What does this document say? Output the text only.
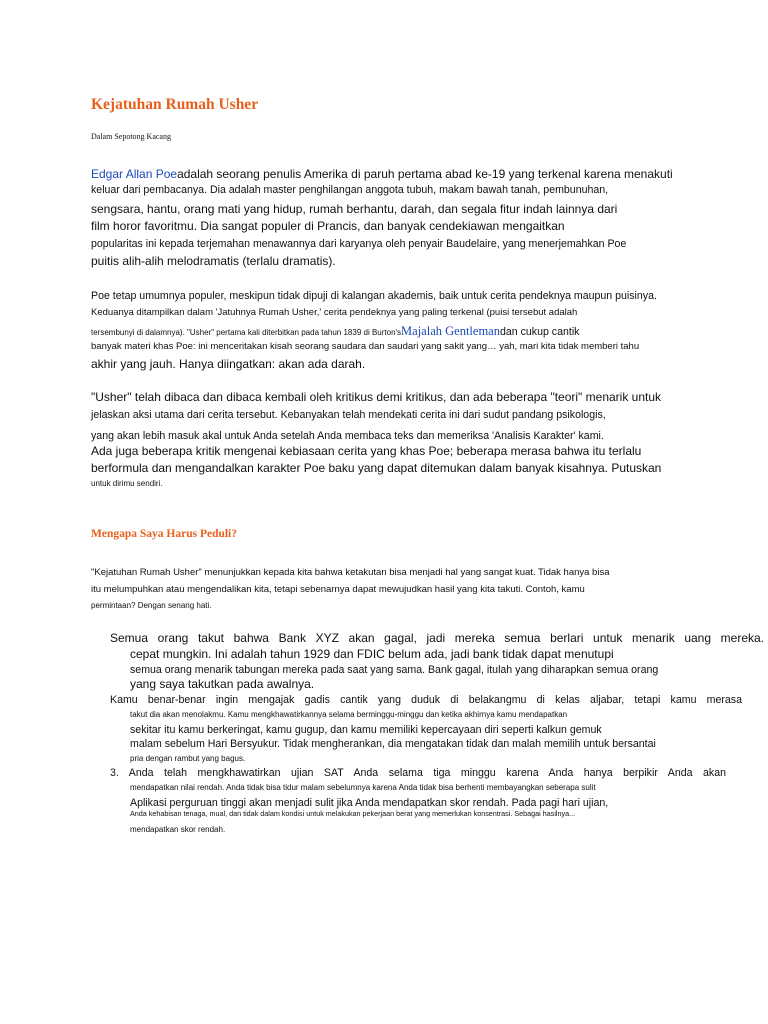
Kejatuhan Rumah Usher
Dalam Sepotong Kacang
Edgar Allan Poeadalah seorang penulis Amerika di paruh pertama abad ke-19 yang terkenal karena menakuti
keluar dari pembacanya. Dia adalah master penghilangan anggota tubuh, makam bawah tanah, pembunuhan,
sengsara, hantu, orang mati yang hidup, rumah berhantu, darah, dan segala fitur indah lainnya dari
film horor favoritmu. Dia sangat populer di Prancis, dan banyak cendekiawan mengaitkan
popularitas ini kepada terjemahan menawannya dari karyanya oleh penyair Baudelaire, yang menerjemahkan Poe
puitis alih-alih melodramatis (terlalu dramatis).
Poe tetap umumnya populer, meskipun tidak dipuji di kalangan akademis, baik untuk cerita pendeknya maupun puisinya.
Keduanya ditampilkan dalam 'Jatuhnya Rumah Usher,' cerita pendeknya yang paling terkenal (puisi tersebut adalah
tersembunyi di dalamnya). "Usher" pertama kali diterbitkan pada tahun 1839 di Burton'sMajalah Gentlemandan cukup cantik
banyak materi khas Poe: ini menceritakan kisah seorang saudara dan saudari yang sakit yang… yah, mari kita tidak memberi tahu
akhir yang jauh. Hanya diingatkan: akan ada darah.
"Usher" telah dibaca dan dibaca kembali oleh kritikus demi kritikus, dan ada beberapa "teori" menarik untuk
jelaskan aksi utama dari cerita tersebut. Kebanyakan telah mendekati cerita ini dari sudut pandang psikologis,
yang akan lebih masuk akal untuk Anda setelah Anda membaca teks dan memeriksa 'Analisis Karakter' kami.
Ada juga beberapa kritik mengenai kebiasaan cerita yang khas Poe; beberapa merasa bahwa itu terlalu
berformula dan mengandalkan karakter Poe baku yang dapat ditemukan dalam banyak kisahnya. Putuskan
untuk dirimu sendiri.
Mengapa Saya Harus Peduli?
"Kejatuhan Rumah Usher" menunjukkan kepada kita bahwa ketakutan bisa menjadi hal yang sangat kuat. Tidak hanya bisa
itu melumpuhkan atau mengendalikan kita, tetapi sebenarnya dapat mewujudkan hasil yang kita takuti. Contoh, kamu
permintaan? Dengan senang hati.
Semua orang takut bahwa Bank XYZ akan gagal, jadi mereka semua berlari untuk menarik uang mereka.
cepat mungkin. Ini adalah tahun 1929 dan FDIC belum ada, jadi bank tidak dapat menutupi
semua orang menarik tabungan mereka pada saat yang sama. Bank gagal, itulah yang diharapkan semua orang
yang saya takutkan pada awalnya.
Kamu benar-benar ingin mengajak gadis cantik yang duduk di belakangmu di kelas aljabar, tetapi kamu merasa
takut dia akan menolakmu. Kamu mengkhawatirkannya selama berminggu-minggu dan ketika akhirnya kamu mendapatkan
sekitar itu kamu berkeringat, kamu gugup, dan kamu memiliki kepercayaan diri seperti kalkun gemuk
malam sebelum Hari Bersyukur. Tidak mengherankan, dia mengatakan tidak dan malah memilih untuk bersantai
pria dengan rambut yang bagus.
3. Anda telah mengkhawatirkan ujian SAT Anda selama tiga minggu karena Anda hanya berpikir Anda akan
mendapatkan nilai rendah. Anda tidak bisa tidur malam sebelumnya karena Anda tidak bisa berhenti membayangkan seberapa sulit
Aplikasi perguruan tinggi akan menjadi sulit jika Anda mendapatkan skor rendah. Pada pagi hari ujian,
Anda kehabisan tenaga, mual, dan tidak dalam kondisi untuk melakukan pekerjaan berat yang memerlukan konsentrasi. Sebagai hasilnya...
mendapatkan skor rendah.
